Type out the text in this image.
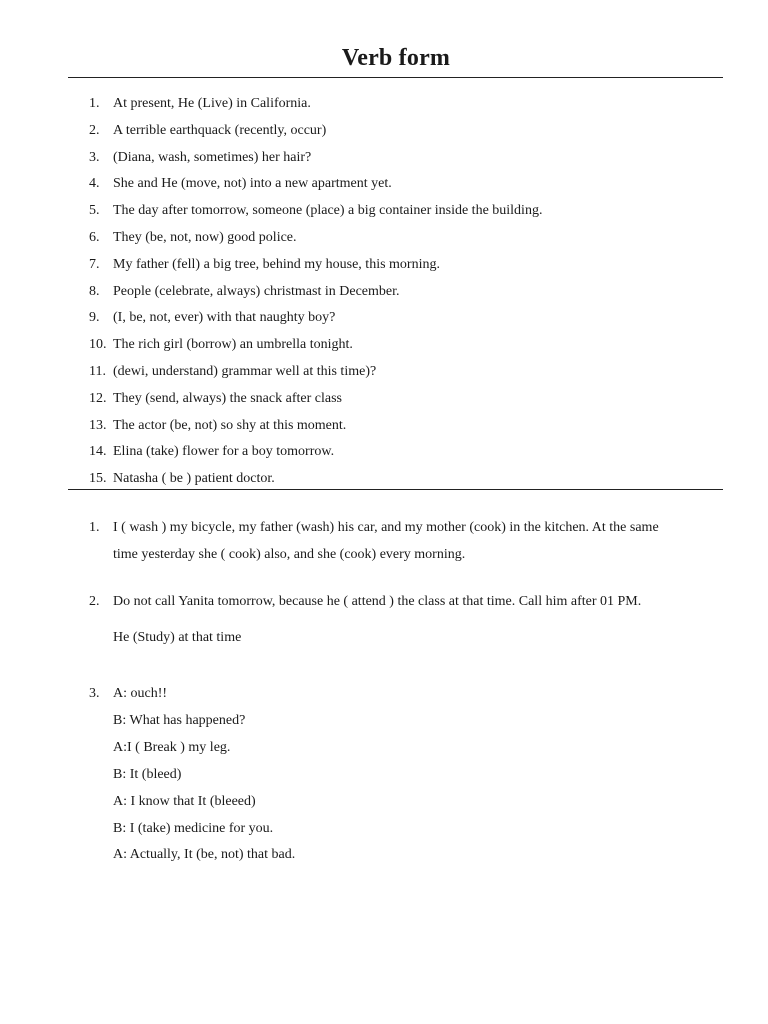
Verb form
1. At present, He (Live) in California.
2. A terrible earthquack (recently, occur)
3. (Diana, wash, sometimes) her hair?
4. She and He (move, not) into a new apartment yet.
5. The day after tomorrow, someone (place) a big container inside the building.
6. They (be, not, now) good police.
7. My father (fell) a big tree, behind my house, this morning.
8. People (celebrate, always) christmast in December.
9. (I, be, not, ever) with that naughty boy?
10. The rich girl (borrow) an umbrella tonight.
11. (dewi, understand) grammar well at this time)?
12. They (send, always) the snack after class
13. The actor (be, not) so shy at this moment.
14. Elina (take) flower for a boy tomorrow.
15. Natasha ( be ) patient doctor.
1. I ( wash ) my bicycle, my father (wash) his car, and my mother (cook) in the kitchen. At the same
time yesterday she ( cook) also, and she (cook) every morning.
2. Do not call Yanita tomorrow, because he ( attend ) the class at that time. Call him after 01 PM.
He (Study) at that time
3. A: ouch!!
B: What has happened?
A:I ( Break ) my leg.
B: It (bleed)
A: I know that It (bleeed)
B: I (take) medicine for you.
A: Actually, It (be, not) that bad.
